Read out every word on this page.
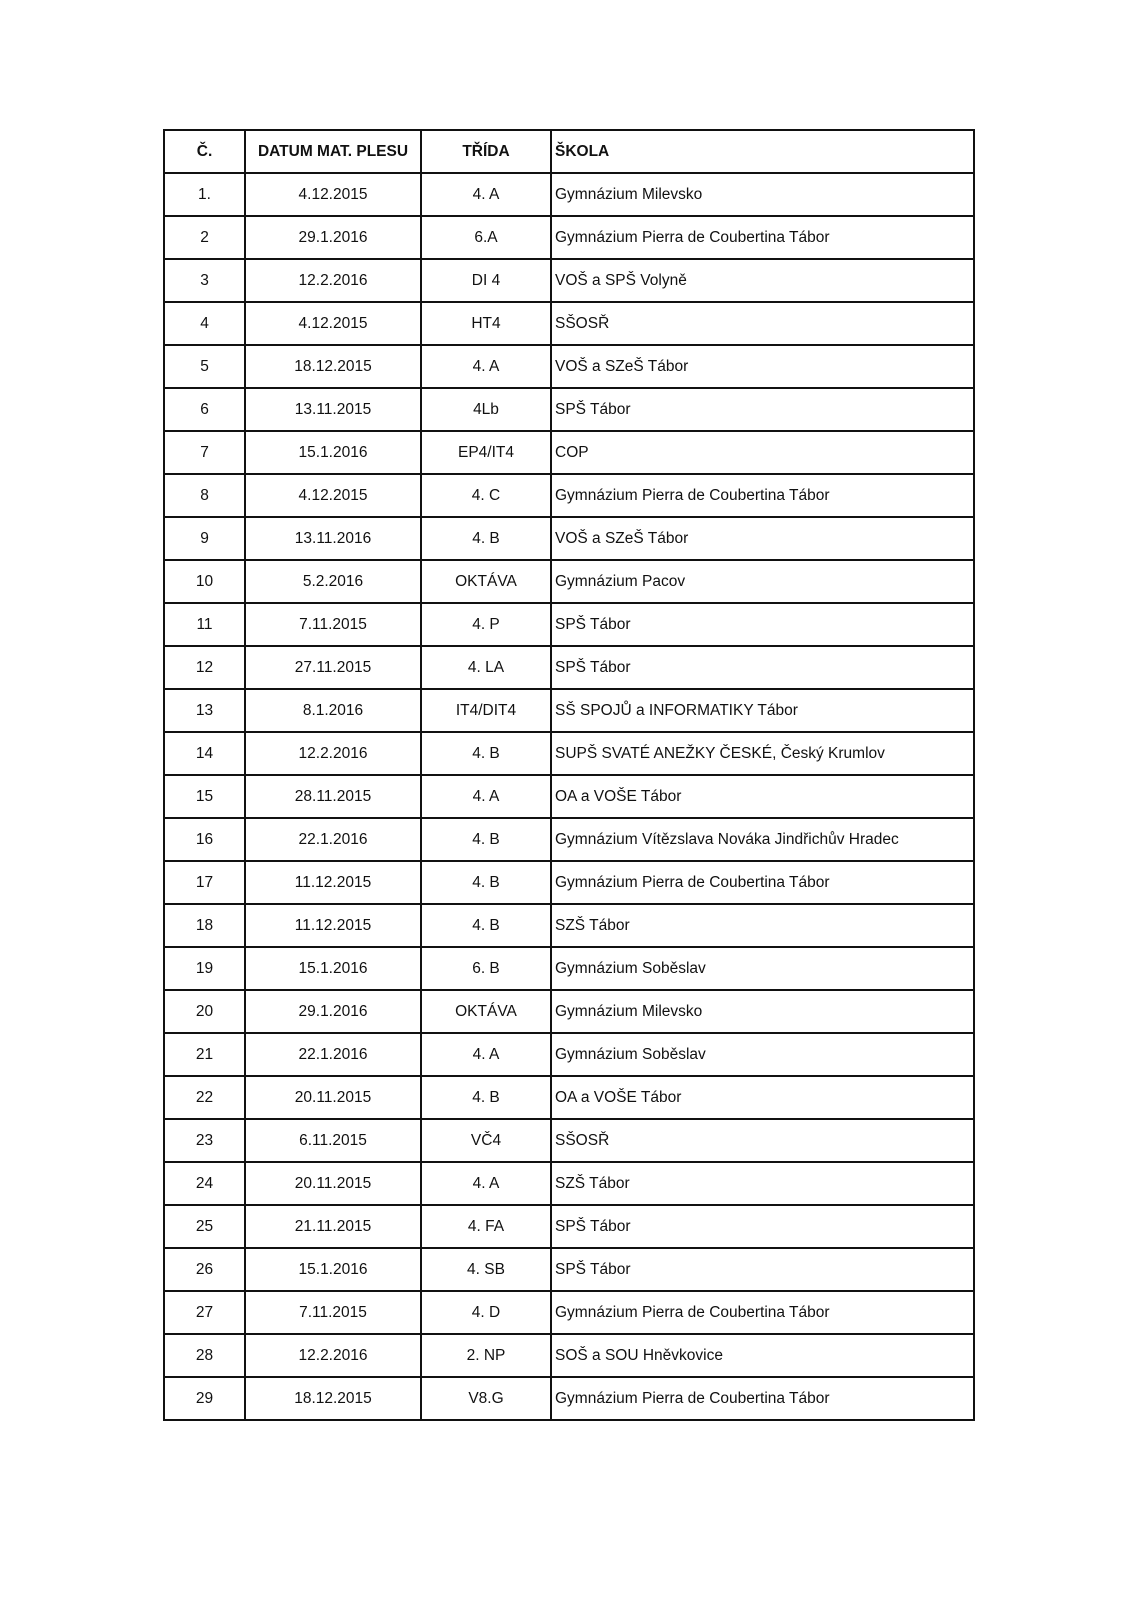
Č.	DATUM MAT. PLESU	TŘÍDA	ŠKOLA
1.	4.12.2015	4. A	Gymnázium Milevsko
2	29.1.2016	6.A	Gymnázium Pierra de Coubertina Tábor
3	12.2.2016	DI 4	VOŠ a SPŠ Volyně
4	4.12.2015	HT4	SŠOSŘ
5	18.12.2015	4. A	VOŠ a SZeŠ Tábor
6	13.11.2015	4Lb	SPŠ Tábor
7	15.1.2016	EP4/IT4	COP
8	4.12.2015	4. C	Gymnázium Pierra de Coubertina Tábor
9	13.11.2016	4. B	VOŠ a SZeŠ Tábor
10	5.2.2016	OKTÁVA	Gymnázium Pacov
11	7.11.2015	4. P	SPŠ Tábor
12	27.11.2015	4. LA	SPŠ Tábor
13	8.1.2016	IT4/DIT4	SŠ SPOJŮ a INFORMATIKY Tábor
14	12.2.2016	4. B	SUPŠ SVATÉ ANEŽKY ČESKÉ, Český Krumlov
15	28.11.2015	4. A	OA a VOŠE Tábor
16	22.1.2016	4. B	Gymnázium Vítězslava Nováka Jindřichův Hradec
17	11.12.2015	4. B	Gymnázium Pierra de Coubertina Tábor
18	11.12.2015	4. B	SZŠ Tábor
19	15.1.2016	6. B	Gymnázium Soběslav
20	29.1.2016	OKTÁVA	Gymnázium Milevsko
21	22.1.2016	4. A	Gymnázium Soběslav
22	20.11.2015	4. B	OA a VOŠE Tábor
23	6.11.2015	VČ4	SŠOSŘ
24	20.11.2015	4. A	SZŠ Tábor
25	21.11.2015	4. FA	SPŠ Tábor
26	15.1.2016	4. SB	SPŠ Tábor
27	7.11.2015	4. D	Gymnázium Pierra de Coubertina Tábor
28	12.2.2016	2. NP	SOŠ a SOU Hněvkovice
29	18.12.2015	V8.G	Gymnázium Pierra de Coubertina Tábor
